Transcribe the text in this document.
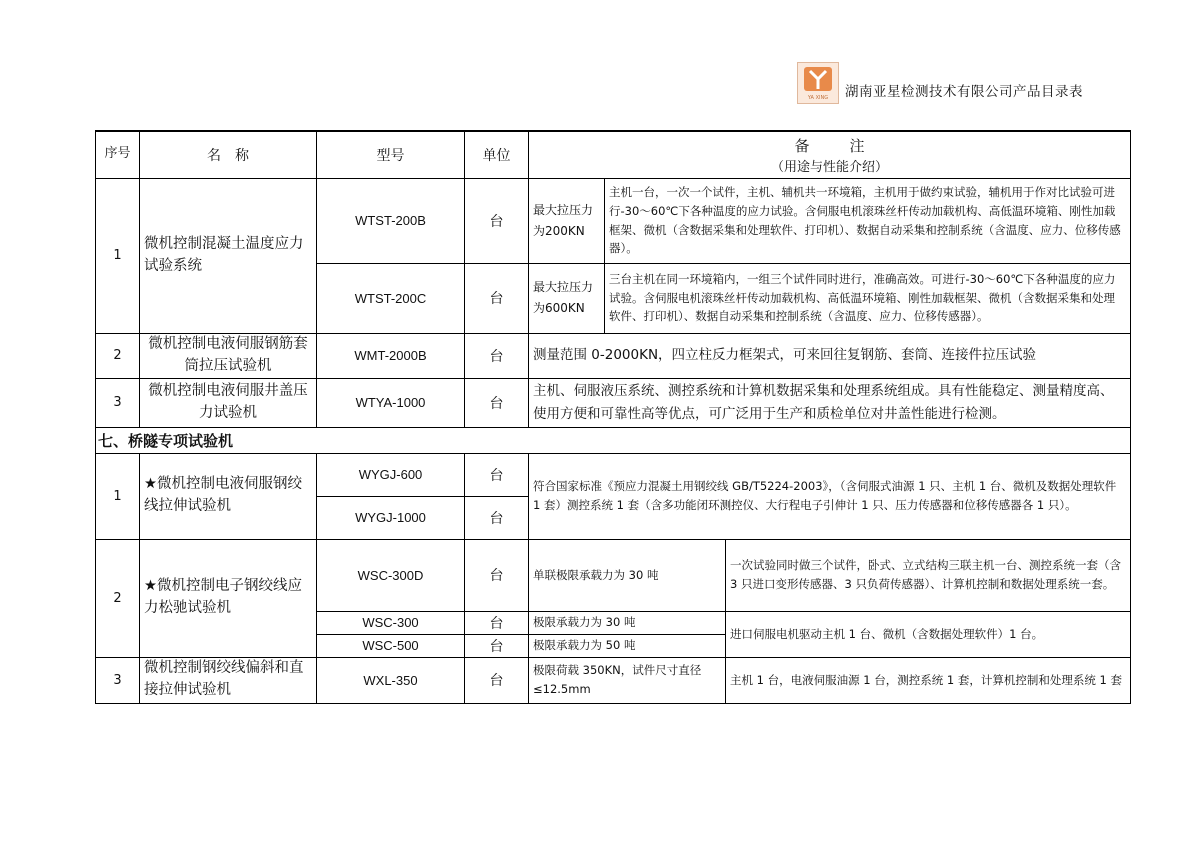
YA XING 湖南亚星检测技术有限公司产品目录表
序号	名　称	型号	单位	备注
（用途与性能介绍）		

1	微机控制混凝土温度应力试验系统	WTST-200B	台	最大拉压力为200KN	主机一台，一次一个试件，主机、辅机共一环境箱，主机用于做约束试验，辅机用于作对比试验可进行-30～60℃下各种温度的应力试验。含伺服电机滚珠丝杆传动加载机构、高低温环境箱、刚性加载框架、微机（含数据采集和处理软件、打印机）、数据自动采集和控制系统（含温度、应力、位移传感器）。	
		WTST-200C	台	最大拉压力为600KN	三台主机在同一环境箱内，一组三个试件同时进行，准确高效。可进行-30～60℃下各种温度的应力试验。含伺服电机滚珠丝杆传动加载机构、高低温环境箱、刚性加载框架、微机（含数据采集和处理软件、打印机）、数据自动采集和控制系统（含温度、应力、位移传感器）。	
2	微机控制电液伺服钢筋套筒拉压试验机	WMT-2000B	台	测量范围 0-2000KN，四立柱反力框架式，可来回往复钢筋、套筒、连接件拉压试验		
3	微机控制电液伺服井盖压力试验机	WTYA-1000	台	主机、伺服液压系统、测控系统和计算机数据采集和处理系统组成。具有性能稳定、测量精度高、使用方便和可靠性高等优点，可广泛用于生产和质检单位对井盖性能进行检测。		
七、桥隧专项试验机						
1	★微机控制电液伺服钢绞线拉伸试验机	WYGJ-600	台	符合国家标准《预应力混凝土用钢绞线 GB/T5224-2003》，（含伺服式油源 1 只、主机 1 台、微机及数据处理软件 1 套）测控系统 1 套（含多功能闭环测控仪、大行程电子引伸计 1 只、压力传感器和位移传感器各 1 只）。		
		WYGJ-1000	台			
2	★微机控制电子钢绞线应力松驰试验机	WSC-300D	台	单联极限承载力为 30 吨		一次试验同时做三个试件，卧式、立式结构三联主机一台、测控系统一套（含 3 只进口变形传感器、3 只负荷传感器）、计算机控制和数据处理系统一套。
		WSC-300	台	极限承载力为 30 吨		进口伺服电机驱动主机 1 台、微机（含数据处理软件）1 台。
		WSC-500	台	极限承载力为 50 吨		
3	微机控制钢绞线偏斜和直接拉伸试验机	WXL-350	台	极限荷载 350KN，试件尺寸直径≤12.5mm		主机 1 台，电液伺服油源 1 台，测控系统 1 套，计算机控制和处理系统 1 套
